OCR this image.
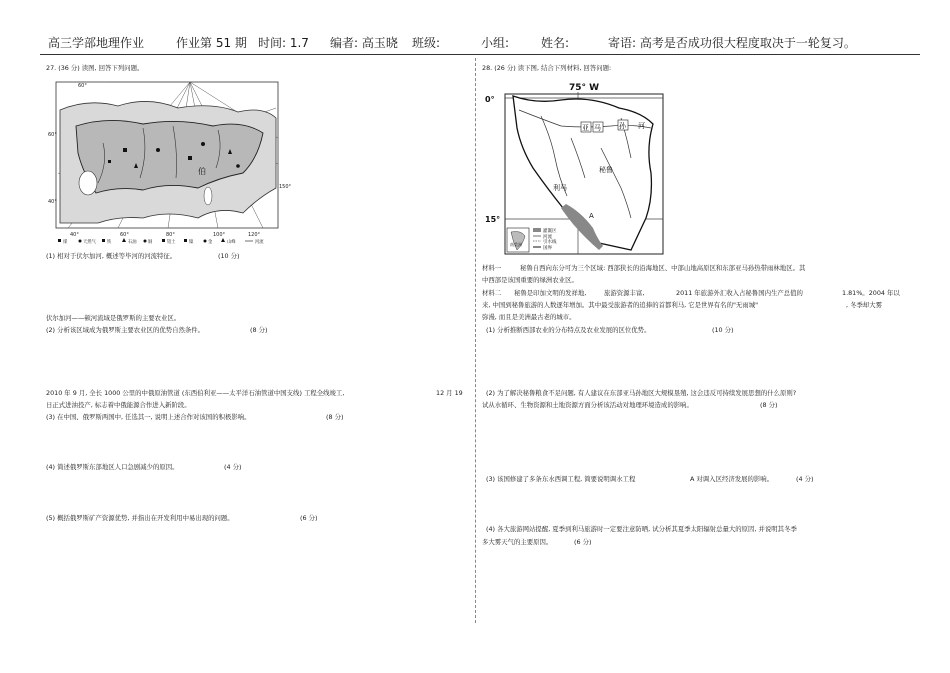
高三学部地理作业	作业第 51 期 时间: 1.7 编者: 高玉晓 班级:	小组:	姓名:	寄语: 高考是否成功很大程度取决于一轮复习。
27. (36 分) 读图, 回答下列问题。
60°
40°
60°
40°	60°	80°	100°	120°
150°
伯
煤	天然气	铁	石油	铜	铝土	镍	金	山峰	河流
(1) 相对于伏尔加河, 概述等毕河的河流特征。	(10 分)
伏尔加河——顿河流域是俄罗斯的主要农业区。
(2) 分析该区域成为俄罗斯主要农业区的优势自然条件。	(8 分)
2010 年 9 月, 全长 1000 公里的中俄原油管道 (东西伯利亚——太平洋石油管道中国支线) 工程全线竣工,	12 月 19
日正式进油投产, 标志着中俄能源合作进入新阶段。
(3) 在中国、俄罗斯两国中, 任选其一, 说明上述合作对该国的积极影响。	(8 分)
(4) 简述俄罗斯东部地区人口急剧减少的原因。	(4 分)
(5) 概括俄罗斯矿产资源优势, 并指出在开发利用中易出现的问题。	(6 分)
28. (26 分) 读下图, 结合下列材料, 回答问题:
75° W
0°
15°
亚 马	孙 河
利马
A
秘鲁
南美洲
灌溉区
河流
引水线
国界
材料一	秘鲁自西向东分可为三个区域: 西部狭长的沿海地区、中部山地高原区和东部亚马孙热带雨林地区。其
中西部是该国重要的绿洲农业区。
材料二 秘鲁是印加文明的发祥地,	旅游资源丰富,	2011 年旅游外汇收入占秘鲁国内生产总值的	1.81%。2004 年以
来, 中国到秘鲁旅游的人数逐年增加。其中最受旅游者的追捧的首都利马, 它是世界有名的"无雨城"	, 冬季却大雾
弥漫, 而且是美洲最古老的城市。
(1) 分析推断西部农业的分布特点及农业发展的区位优势。	(10 分)
(2) 为了解决秘鲁粮食不足问题, 有人建议在东部亚马孙地区大规模垦殖, 这会违反可持续发展思想的什么原则?
试从水循环、生物资源和土地资源方面分析该活动对地理环境造成的影响。	(8 分)
(3) 该国修建了多条东水西调工程, 简要说明调水工程	A 对调入区经济发展的影响。	(4 分)
(4) 各大旅游网站提醒, 夏季到利马旅游时一定要注意防晒, 试分析其夏季太阳辐射总量大的原因, 并说明其冬季
多大雾天气的主要原因。	(6 分)
